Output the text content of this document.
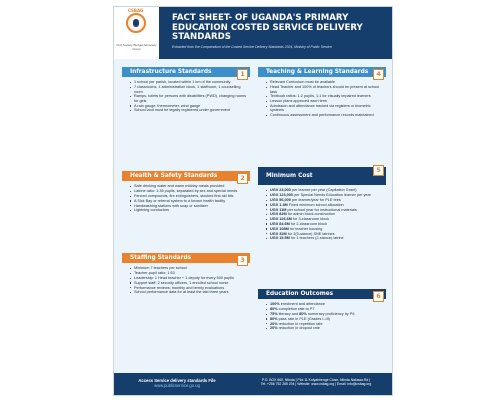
CSBAG
Civil Society Budget Advocacy Group
FACT SHEET- OF UGANDA'S PRIMARY EDUCATION COSTED SERVICE DELIVERY STANDARDS
Extracted from the Compendium of the Costed Service Delivery Standards 2024, Ministry of Public Service
Infrastructure Standards	1
1 school per parish, located within 1 km of the community
7 classrooms, 1 administration block, 1 staffroom, 1 counselling room
Ramps, toilets for persons with disabilities (PWD), changing rooms for girls
A rain gauge, thermometer, wind gauge
School land must be legally registered under government
Teaching & Learning Standards	4
Relevant Curriculum must be available
Head Teacher and 100% of teachers should be present at school task
Textbook ratios: 1:2 pupils, 1:1 for visually impaired learners
Lesson plans approved each term
Admission and attendance tracked via registers or biometric systems
Continuous assessment and performance records maintained
Health & Safety Standards	2
Safe drinking water and warm midday meals provided
Latrine ratio: 1:35 pupils, separated by sex and special needs
Fenced compounds, fire extinguishers, stocked first aid kits
A Sick Bay or referral system to a known health facility
Handwashing stations with soap or sanitizer
Lightning conductors
Minimum Cost
5
UGX 23,000 per learner per year (Capitation Grant)
UGX 123,000 per Special Needs Education learner per year
UGX 56,000 per learner/year for PLE fees
UGX 1.3M Fixed minimum school allocation
UGX 11M per school year for instructional materials
UGX 82M for admin block construction
UGX 126.6M for 3-classroom block
UGX 84.6M for 2-classroom block
UGX 108M for teacher housing
UGX 32M for 2(5-stance) SNE latrines
UGX 15.5M for 1 teachers (2-stance) latrine
Staffing Standards	3
Minimum 7 teachers per school
Teacher-pupil ratio: 1:53
Leadership: 1 Head teacher + 1 deputy for every 500 pupils
Support staff: 2 security officers, 1 enrolled school nurse
Performance reviews: monthly and termly evaluations
School performance data for at least the last three years	Education Outcomes	6
100% enrolment and attendance
80% completion rate to P7
75% literacy and 80% numeracy proficiency by P6
80% pass rate in PLE (Grades I–III)
20% reduction in repetition rate
20% reduction in dropout rate
Access Service delivery standards File
www.publicservice.go.ug
P.O. BOX 660, Ntinda | Plot 11 Kolyahirenge Close, Ntinda Nakawa Rd |
Tel: +256 752 265 294 | Website: www.csbag.org | Email: info@csbag.org
